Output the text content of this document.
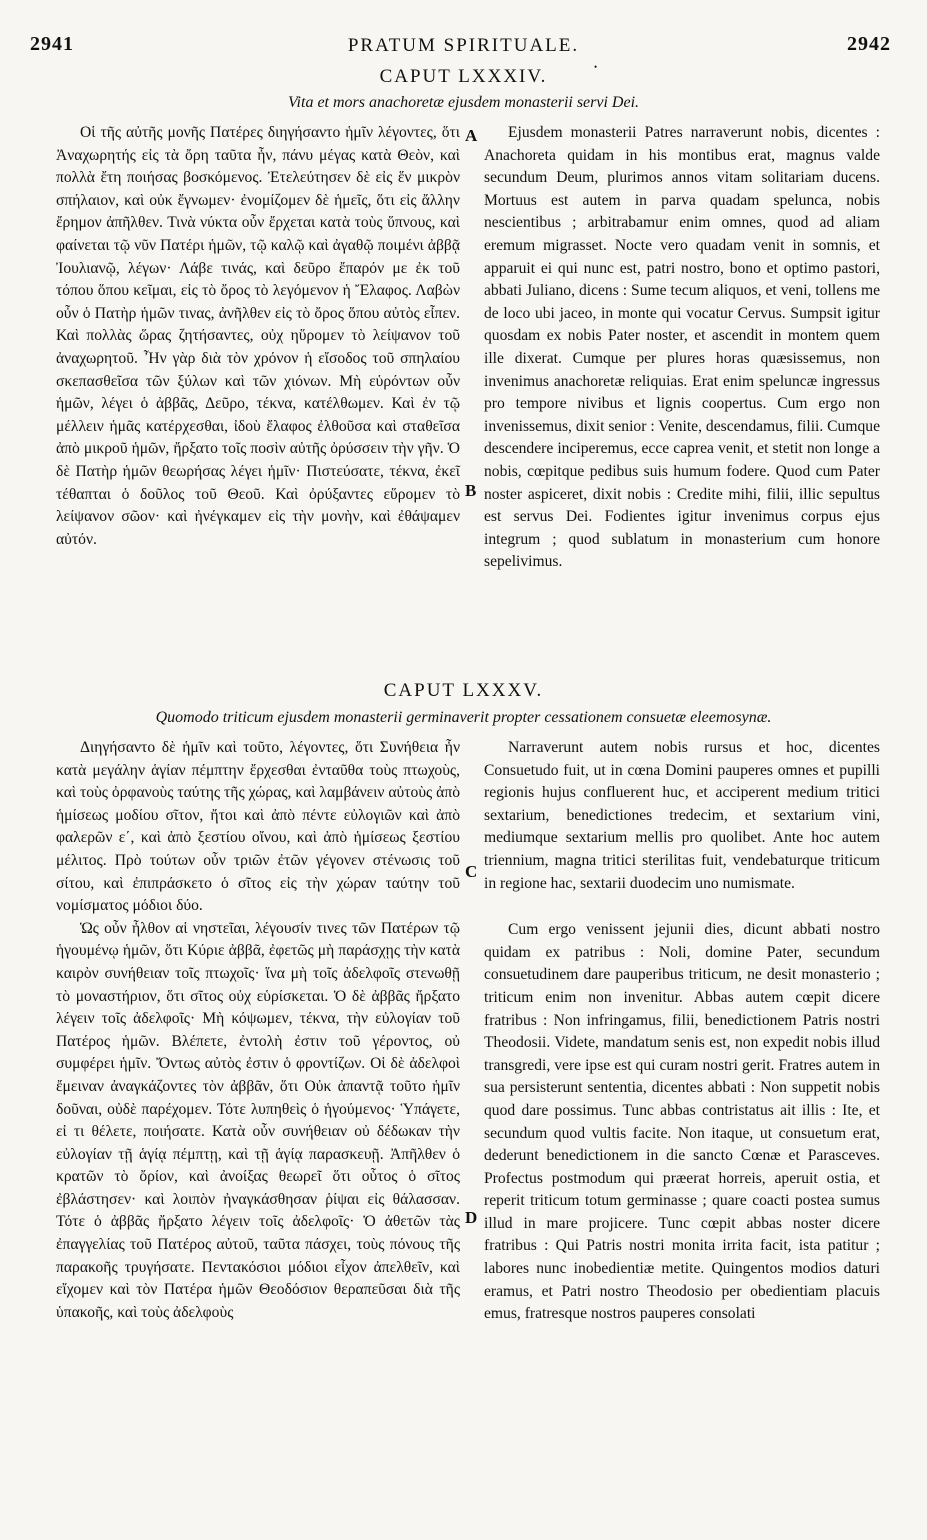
2941	PRATUM SPIRITUALE.	2942
•
CAPUT LXXXIV.
Vita et mors anachoretæ ejusdem monasterii servi Dei.

Οἱ τῆς αὐτῆς μονῆς Πατέρες διηγήσαντο ἡμῖν λέγοντες, ὅτι Ἀναχωρητής εἰς τὰ ὄρη ταῦτα ἦν, πάνυ μέγας κατὰ Θεὸν, καὶ πολλὰ ἔτη ποιήσας βοσκόμενος. Ἐτελεύτησεν δὲ εἰς ἕν μικρὸν σπήλαιον, καὶ οὐκ ἔγνωμεν· ἐνομίζομεν δὲ ἡμεῖς, ὅτι εἰς ἄλλην ἔρημον ἀπῆλθεν. Τινὰ νύκτα οὖν ἔρχεται κατὰ τοὺς ὕπνους, καὶ φαίνεται τῷ νῦν Πατέρι ἡμῶν, τῷ καλῷ καὶ ἀγαθῷ ποιμένι ἀββᾷ Ἰουλιανῷ, λέγων· Λάβε τινάς, καὶ δεῦρο ἔπαρόν με ἐκ τοῦ τόπου ὅπου κεῖμαι, εἰς τὸ ὄρος τὸ λεγόμενον ἡ Ἔλαφος. Λαβὼν οὖν ὁ Πατὴρ ἡμῶν τινας, ἀνῆλθεν εἰς τὸ ὄρος ὅπου αὐτὸς εἶπεν. Καὶ πολλὰς ὥρας ζητήσαντες, οὐχ ηὕρομεν τὸ λείψανον τοῦ ἀναχωρητοῦ. Ἦν γὰρ διὰ τὸν χρόνον ἡ εἴσοδος τοῦ σπηλαίου σκεπασθεῖσα τῶν ξύλων καὶ τῶν χιόνων. Μὴ εὑρόντων οὖν ἡμῶν, λέγει ὁ ἀββᾶς, Δεῦρο, τέκνα, κατέλθωμεν. Καὶ ἐν τῷ μέλλειν ἡμᾶς κατέρχεσθαι, ἰδοὺ ἔλαφος ἐλθοῦσα καὶ σταθεῖσα ἀπὸ μικροῦ ἡμῶν, ἤρξατο τοῖς ποσὶν αὐτῆς ὀρύσσειν τὴν γῆν. Ὁ δὲ Πατὴρ ἡμῶν θεωρήσας λέγει ἡμῖν· Πιστεύσατε, τέκνα, ἐκεῖ τέθαπται ὁ δοῦλος τοῦ Θεοῦ. Καὶ ὀρύξαντες εὕρομεν τὸ λείψανον σῶον· καὶ ἠνέγκαμεν εἰς τὴν μονὴν, καὶ ἐθάψαμεν αὐτόν.

Ejusdem monasterii Patres narraverunt nobis, dicentes : Anachoreta quidam in his montibus erat, magnus valde secundum Deum, plurimos annos vitam solitariam ducens. Mortuus est autem in parva quadam spelunca, nobis nescientibus ; arbitrabamur enim omnes, quod ad aliam eremum migrasset. Nocte vero quadam venit in somnis, et apparuit ei qui nunc est, patri nostro, bono et optimo pastori, abbati Juliano, dicens : Sume tecum aliquos, et veni, tollens me de loco ubi jaceo, in monte qui vocatur Cervus. Sumpsit igitur quosdam ex nobis Pater noster, et ascendit in montem quem ille dixerat. Cumque per plures horas quæsissemus, non invenimus anachoretæ reliquias. Erat enim speluncæ ingressus pro tempore nivibus et lignis coopertus. Cum ergo non invenissemus, dixit senior : Venite, descendamus, filii. Cumque descendere inciperemus, ecce caprea venit, et stetit non longe a nobis, cœpitque pedibus suis humum fodere. Quod cum Pater noster aspiceret, dixit nobis : Credite mihi, filii, illic sepultus est servus Dei. Fodientes igitur invenimus corpus ejus integrum ; quod sublatum in monasterium cum honore sepelivimus.

A
B
CAPUT LXXXV.
Quomodo triticum ejusdem monasterii germinaverit propter cessationem consuetæ eleemosynæ.

Διηγήσαντο δὲ ἡμῖν καὶ τοῦτο, λέγοντες, ὅτι Συνήθεια ἦν κατὰ μεγάλην ἁγίαν πέμπτην ἔρχεσθαι ἐνταῦθα τοὺς πτωχοὺς, καὶ τοὺς ὀρφανοὺς ταύτης τῆς χώρας, καὶ λαμβάνειν αὐτοὺς ἀπὸ ἡμίσεως μοδίου σῖτον, ἤτοι καὶ ἀπὸ πέντε εὐλογιῶν καὶ ἀπὸ φαλερῶν ε΄, καὶ ἀπὸ ξεστίου οἴνου, καὶ ἀπὸ ἡμίσεως ξεστίου μέλιτος. Πρὸ τούτων οὖν τριῶν ἐτῶν γέγονεν στένωσις τοῦ σίτου, καὶ ἐπιπράσκετο ὁ σῖτος εἰς τὴν χώραν ταύτην τοῦ νομίσματος μόδιοι δύο.

Ὡς οὖν ἦλθον αἱ νηστεῖαι, λέγουσίν τινες τῶν Πατέρων τῷ ἡγουμένῳ ἡμῶν, ὅτι Κύριε ἀββᾶ, ἐφετῶς μὴ παράσχῃς τὴν κατὰ καιρὸν συνήθειαν τοῖς πτωχοῖς· ἵνα μὴ τοῖς ἀδελφοῖς στενωθῇ τὸ μοναστήριον, ὅτι σῖτος οὐχ εὑρίσκεται. Ὁ δὲ ἀββᾶς ἤρξατο λέγειν τοῖς ἀδελφοῖς· Μὴ κόψωμεν, τέκνα, τὴν εὐλογίαν τοῦ Πατέρος ἡμῶν. Βλέπετε, ἐντολὴ ἐστιν τοῦ γέροντος, οὐ συμφέρει ἡμῖν. Ὄντως αὐτὸς ἐστιν ὁ φροντίζων. Οἱ δὲ ἀδελφοὶ ἔμειναν ἀναγκάζοντες τὸν ἀββᾶν, ὅτι Οὐκ ἀπαντᾷ τοῦτο ἡμῖν δοῦναι, οὐδὲ παρέχομεν. Τότε λυπηθεὶς ὁ ἡγούμενος· Ὑπάγετε, εἰ τι θέλετε, ποιήσατε. Κατὰ οὖν συνήθειαν οὐ δέδωκαν τὴν εὐλογίαν τῇ ἁγίᾳ πέμπτῃ, καὶ τῇ ἁγίᾳ παρασκευῇ. Ἀπῆλθεν ὁ κρατῶν τὸ ὄρίον, καὶ ἀνοίξας θεωρεῖ ὅτι οὗτος ὁ σῖτος ἐβλάστησεν· καὶ λοιπὸν ἠναγκάσθησαν ῥίψαι εἰς θάλασσαν. Τότε ὁ ἀββᾶς ἤρξατο λέγειν τοῖς ἀδελφοῖς· Ὁ ἀθετῶν τὰς ἐπαγγελίας τοῦ Πατέρος αὐτοῦ, ταῦτα πάσχει, τοὺς πόνους τῆς παρακοῆς τρυγήσατε. Πεντακόσιοι μόδιοι εἶχον ἀπελθεῖν, καὶ εἴχομεν καὶ τὸν Πατέρα ἡμῶν Θεοδόσιον θεραπεῦσαι διὰ τῆς ὑπακοῆς, καὶ τοὺς ἀδελφοὺς

Narraverunt autem nobis rursus et hoc, dicentes Consuetudo fuit, ut in cœna Domini pauperes omnes et pupilli regionis hujus confluerent huc, et acciperent medium tritici sextarium, benedictiones tredecim, et sextarium vini, mediumque sextarium mellis pro quolibet. Ante hoc autem triennium, magna tritici sterilitas fuit, vendebaturque triticum in regione hac, sextarii duodecim uno numismate.

Cum ergo venissent jejunii dies, dicunt abbati nostro quidam ex patribus : Noli, domine Pater, secundum consuetudinem dare pauperibus triticum, ne desit monasterio ; triticum enim non invenitur. Abbas autem cœpit dicere fratribus : Non infringamus, filii, benedictionem Patris nostri Theodosii. Videte, mandatum senis est, non expedit nobis illud transgredi, vere ipse est qui curam nostri gerit. Fratres autem in sua persisterunt sententia, dicentes abbati : Non suppetit nobis quod dare possimus. Tunc abbas contristatus ait illis : Ite, et secundum quod vultis facite. Non itaque, ut consuetum erat, dederunt benedictionem in die sancto Cœnæ et Parasceves. Profectus postmodum qui præerat horreis, aperuit ostia, et reperit triticum totum germinasse ; quare coacti postea sumus illud in mare projicere. Tunc cœpit abbas noster dicere fratribus : Qui Patris nostri monita irrita facit, ista patitur ; labores nunc inobedientiæ metite. Quingentos modios daturi eramus, et Patri nostro Theodosio per obedientiam placuis emus, fratresque nostros pauperes consolati

C
D
